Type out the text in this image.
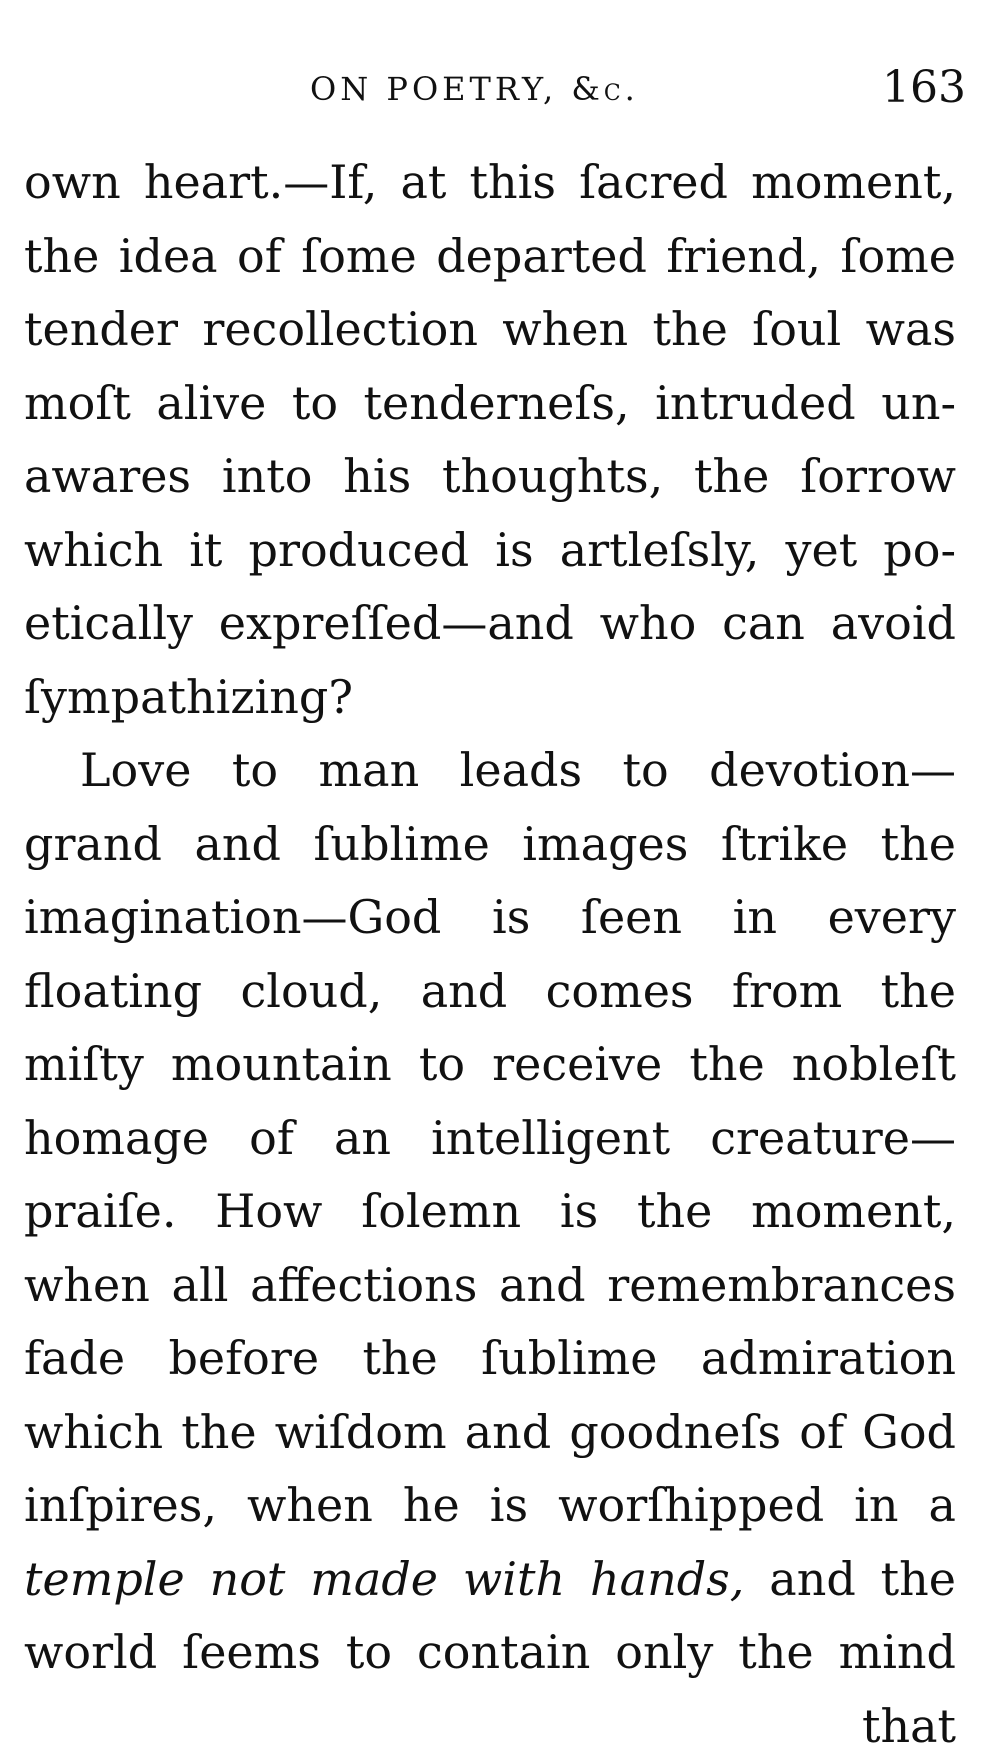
ON POETRY, &c.	163
own heart.—If, at this ſacred moment,
the idea of ſome departed friend, ſome
tender recollection when the ſoul was
moſt alive to tenderneſs, intruded un-
awares into his thoughts, the ſorrow
which it produced is artleſsly, yet po-
etically expreſſed—and who can avoid
ſympathizing?
Love to man leads to devotion—
grand and ſublime images ſtrike the
imagination—God is ſeen in every
floating cloud, and comes from the
miſty mountain to receive the nobleſt
homage of an intelligent creature—
praiſe. How ſolemn is the moment,
when all affections and remembrances
fade before the ſublime admiration
which the wiſdom and goodneſs of God
inſpires, when he is worſhipped in a
temple not made with hands, and the
world ſeems to contain only the mind
that
